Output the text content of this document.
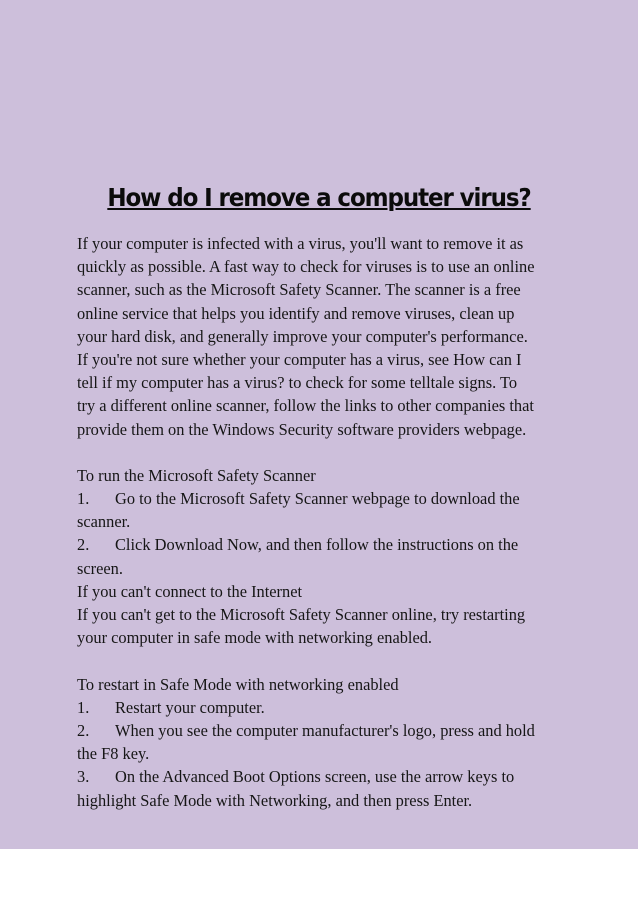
How do I remove a computer virus?
If your computer is infected with a virus, you'll want to remove it as
quickly as possible. A fast way to check for viruses is to use an online
scanner, such as the Microsoft Safety Scanner. The scanner is a free
online service that helps you identify and remove viruses, clean up
your hard disk, and generally improve your computer's performance.
If you're not sure whether your computer has a virus, see How can I
tell if my computer has a virus? to check for some telltale signs. To
try a different online scanner, follow the links to other companies that
provide them on the Windows Security software providers webpage.
To run the Microsoft Safety Scanner
1. Go to the Microsoft Safety Scanner webpage to download the
scanner.
2. Click Download Now, and then follow the instructions on the
screen.
If you can't connect to the Internet
If you can't get to the Microsoft Safety Scanner online, try restarting
your computer in safe mode with networking enabled.
To restart in Safe Mode with networking enabled
1. Restart your computer.
2. When you see the computer manufacturer's logo, press and hold
the F8 key.
3. On the Advanced Boot Options screen, use the arrow keys to
highlight Safe Mode with Networking, and then press Enter.
